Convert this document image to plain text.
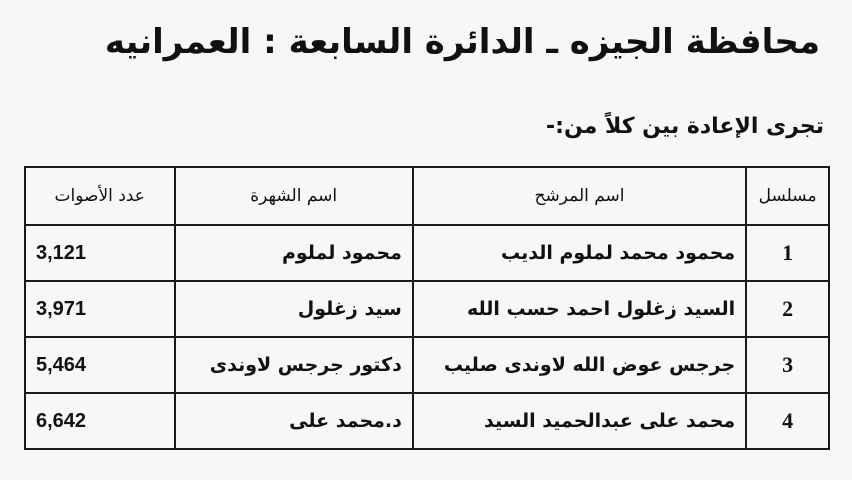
محافظة الجيزه ـ الدائرة السابعة : العمرانيه
تجرى الإعادة بين كلاً من:-
مسلسل	اسم المرشح	اسم الشهرة	عدد الأصوات
1	محمود محمد لملوم الديب	محمود لملوم	3,121
2	السيد زغلول احمد حسب الله	سيد زغلول	3,971
3	جرجس عوض الله لاوندى صليب	دكتور جرجس لاوندى	5,464
4	محمد على عبدالحميد السيد	د.محمد على	6,642
